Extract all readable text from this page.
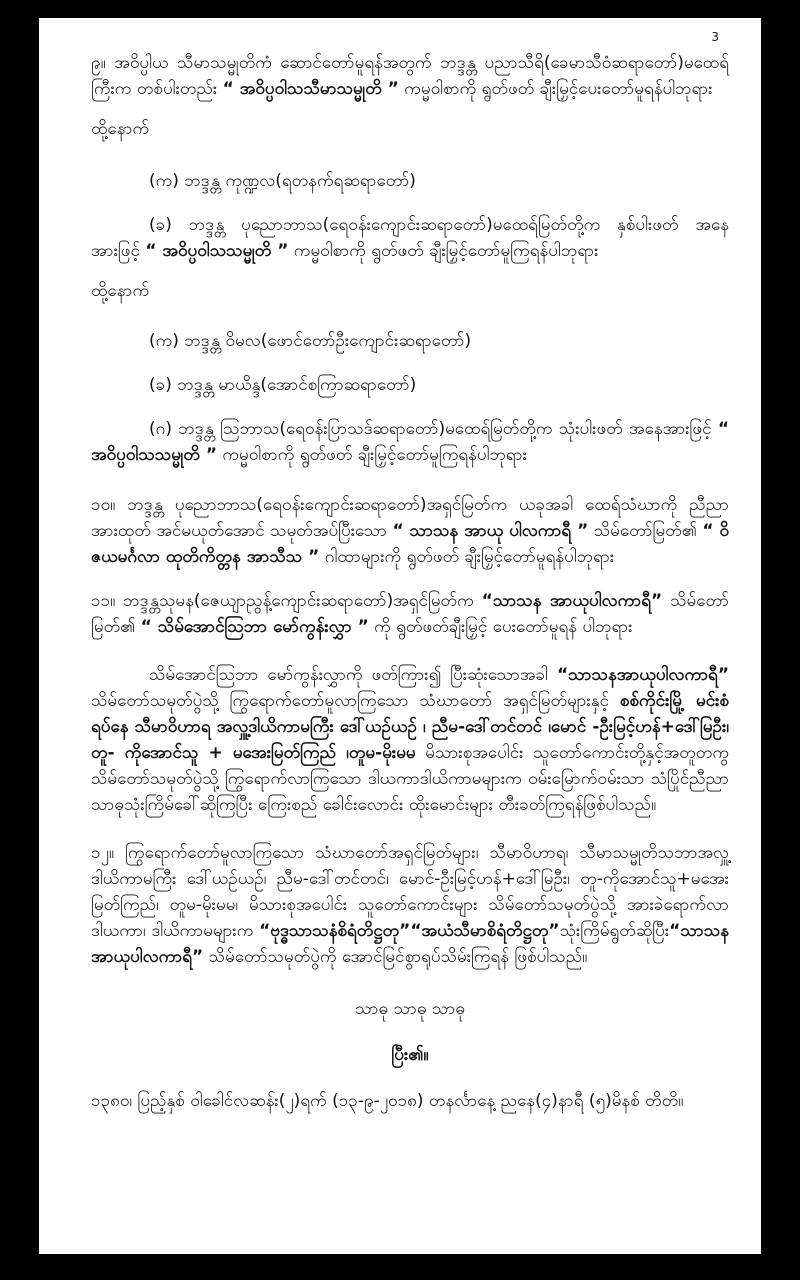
3

၉။ အဝိပ္ပါယ သီမာသမ္မုတိကံ ဆောင်တော်မူရန်အတွက် ဘဒ္ဒန္တ ပညာသီရိ(ခေမာသီဝံဆရာတော်)မထေရ်ကြီးက တစ်ပါးတည်း “ အဝိပ္ပဝါသသီမာသမ္မုတိ ” ကမ္မဝါစာကို ရွတ်ဖတ် ချီးမြှင့်ပေးတော်မူရန်ပါဘုရား

ထို့နောက်

(က) ဘဒ္ဒန္တ ကုဏ္ဍလ(ရတနက်ရဆရာတော်)

(ခ) ဘဒ္ဒန္တ ပုညောဘာသ(ရေဝန်းကျောင်းဆရာတော်)မထေရ်မြတ်တို့က နှစ်ပါးဖတ် အနေအားဖြင့် “ အဝိပ္ပဝါသသမ္မုတိ ” ကမ္မဝါစာကို ရွတ်ဖတ် ချီးမြှင့်တော်မူကြရန်ပါဘုရား

ထို့နောက်

(က) ဘဒ္ဒန္တ ဝိမလ(ဖောင်တော်ဦးကျောင်းဆရာတော်)

(ခ) ဘဒ္ဒန္တ မာယိန္ဒ(အောင်စကြာဆရာတော်)

(ဂ) ဘဒ္ဒန္တ ဩဘာသ(ရေဝန်းပြာသဒ်ဆရာတော်)မထေရ်မြတ်တို့က သုံးပါးဖတ် အနေအားဖြင့် “ အဝိပ္ပဝါသသမ္မုတိ ” ကမ္မဝါစာကို ရွတ်ဖတ် ချီးမြှင့်တော်မူကြရန်ပါဘုရား

၁၀။ ဘဒ္ဒန္တ ပုညောဘာသ(ရေဝန်းကျောင်းဆရာတော်)အရှင်မြတ်က ယခုအခါ ထေရ်သံဃာကို ညီညာအားထုတ် အင်မယုတ်အောင် သမုတ်အပ်ပြီးသော “ သာသန အာယု ပါလကာရီ ” သိမ်တော်မြတ်၏ “ ဝိဇယမင်္ဂလာ ထုတိကိတ္တန အာသီသ ” ဂါထာများကို ရွတ်ဖတ် ချီးမြှင့်တော်မူရန်ပါဘုရား

၁၁။ ဘဒ္ဒန္တသုမန(ဇေယျာညွန့်ကျောင်းဆရာတော်)အရှင်မြတ်က “သာသန အာယုပါလကာရီ” သိမ်တော်မြတ်၏ “ သိမ်အောင်ဩဘာ မော်ကွန်းလွှာ ” ကို ရွတ်ဖတ်ချီးမြှင့် ပေးတော်မူရန် ပါဘုရား

သိမ်အောင်ဩဘာ မော်ကွန်းလွှာကို ဖတ်ကြား၍ ပြီးဆုံးသောအခါ “သာသနအာယုပါလကာရီ” သိမ်တော်သမုတ်ပွဲသို့ ကြွရောက်တော်မူလာကြသော သံဃာတော် အရှင်မြတ်များနှင့် စစ်ကိုင်းမြို့ မင်းစံရပ်နေ သီမာဝိဟာရ အလှူ့ဒါယိကာမကြီး ဒေါ်ယဉ်ယဉ် ၊ ညီမ-ဒေါ်တင်တင် ၊မောင် -ဦးမြင့်ဟန်+ဒေါ်မြဦး၊ တူ- ကိုအောင်သူ + မအေးမြတ်ကြည် ၊တူမ-မိုးမမ မိသားစုအပေါင်း သူတော်ကောင်းတို့နှင့်အတူတကွ သိမ်တော်သမုတ်ပွဲသို့ ကြွရောက်လာကြသော ဒါယကာဒါယိကာမများက ဝမ်းမြောက်ဝမ်းသာ သံပြိုင်ညီညာ သာဓုသုံးကြိမ်ခေါ်ဆိုကြပြီး ကြေးစည် ခေါင်းလောင်း ထိုးမောင်းများ တီးခတ်ကြရန်ဖြစ်ပါသည်။

၁၂။ ကြွရောက်တော်မူလာကြသော သံဃာတော်အရှင်မြတ်များ၊ သီမာဝိဟာရ၊ သီမာသမ္မုတိသဘာအလှူ့ဒါယိကာမကြီး ဒေါ်ယဉ်ယဉ်၊ ညီမ-ဒေါ်တင်တင်၊ မောင်-ဦးမြင့်ဟန်+ဒေါ်မြဦး၊ တူ-ကိုအောင်သူ+မအေးမြတ်ကြည်၊ တူမ-မိုးမမ၊ မိသားစုအပေါင်း သူတော်ကောင်းများ သိမ်တော်သမုတ်ပွဲသို့ အားခဲရောက်လာ ဒါယကာ၊ ဒါယိကာမများက “ဗုဒ္ဓသာသနံစိရံတိဋ္ဌတု”“အယံသီမာစိရံတိဋ္ဌတု”သုံးကြိမ်ရွတ်ဆိုပြီး“သာသနအာယုပါလကာရီ” သိမ်တော်သမုတ်ပွဲကို အောင်မြင်စွာရုပ်သိမ်းကြရန် ဖြစ်ပါသည်။

သာဓု သာဓု သာဓု

ပြီး၏။

၁၃၈၀၊ ပြည့်နှစ် ဝါခေါင်လဆန်း(၂)ရက် (၁၃-၉-၂၀၁၈) တနင်္လာနေ့ ညနေ(၄)နာရီ (၅)မိနစ် တိတိ။
